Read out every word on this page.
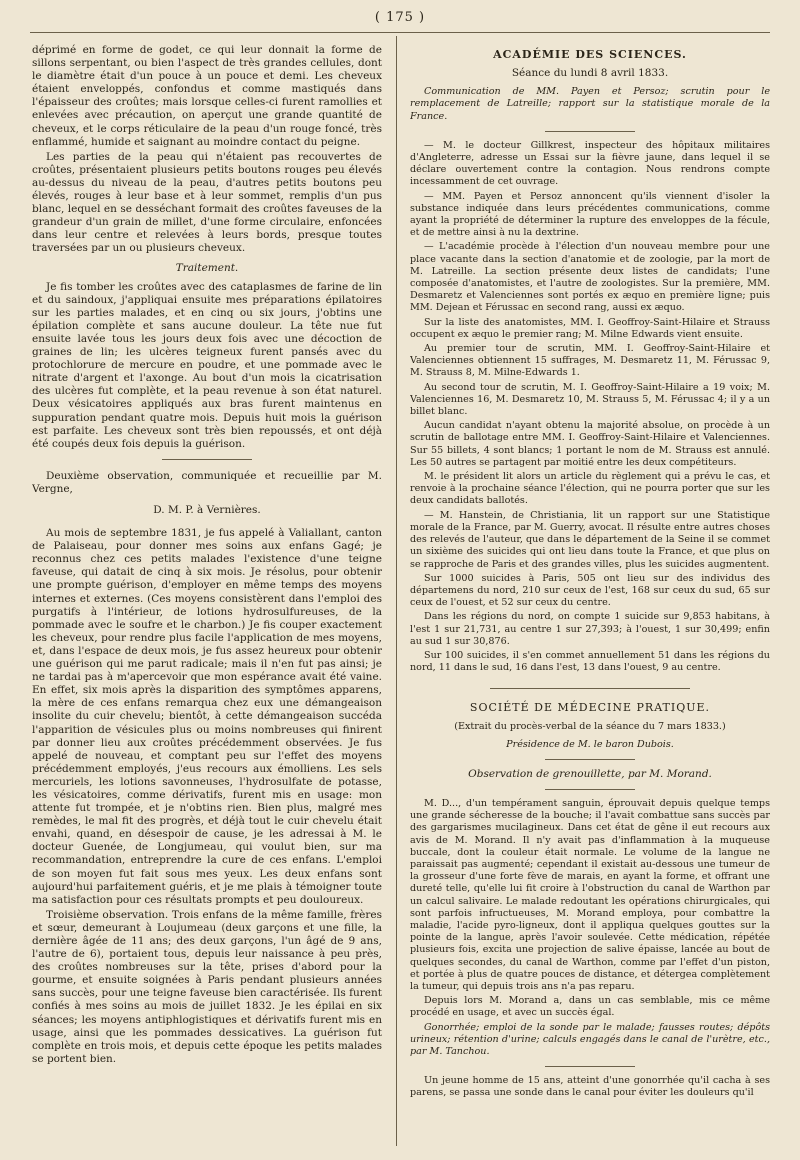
( 175 )

déprimé en forme de godet, ce qui leur donnait la forme de sillons serpentant, ou bien l'aspect de très grandes cellules, dont le diamètre était d'un pouce à un pouce et demi. Les cheveux étaient enveloppés, confondus et comme mastiqués dans l'épaisseur des croûtes; mais lorsque celles-ci furent ramollies et enlevées avec précaution, on aperçut une grande quantité de cheveux, et le corps réticulaire de la peau d'un rouge foncé, très enflammé, humide et saignant au moindre contact du peigne.

Les parties de la peau qui n'étaient pas recouvertes de croûtes, présentaient plusieurs petits boutons rouges peu élevés au-dessus du niveau de la peau, d'autres petits boutons peu élevés, rouges à leur base et à leur sommet, remplis d'un pus blanc, lequel en se desséchant formait des croûtes faveuses de la grandeur d'un grain de millet, d'une forme circulaire, enfoncées dans leur centre et relevées à leurs bords, presque toutes traversées par un ou plusieurs cheveux.

Traitement.

Je fis tomber les croûtes avec des cataplasmes de farine de lin et du saindoux, j'appliquai ensuite mes préparations épilatoires sur les parties malades, et en cinq ou six jours, j'obtins une épilation complète et sans aucune douleur. La tête nue fut ensuite lavée tous les jours deux fois avec une décoction de graines de lin; les ulcères teigneux furent pansés avec du protochlorure de mercure en poudre, et une pommade avec le nitrate d'argent et l'axonge. Au bout d'un mois la cicatrisation des ulcères fut complète, et la peau revenue à son état naturel. Deux vésicatoires appliqués aux bras furent maintenus en suppuration pendant quatre mois. Depuis huit mois la guérison est parfaite. Les cheveux sont très bien repoussés, et ont déjà été coupés deux fois depuis la guérison.

Deuxième observation, communiquée et recueillie par M. Vergne,
D. M. P. à Vernières.

Au mois de septembre 1831, je fus appelé à Valiallant, canton de Palaiseau, pour donner mes soins aux enfans Gagé; je reconnus chez ces petits malades l'existence d'une teigne faveuse, qui datait de cinq à six mois. Je résolus, pour obtenir une prompte guérison, d'employer en même temps des moyens internes et externes. (Ces moyens consistèrent dans l'emploi des purgatifs à l'intérieur, de lotions hydrosulfureuses, de la pommade avec le soufre et le charbon.) Je fis couper exactement les cheveux, pour rendre plus facile l'application de mes moyens, et, dans l'espace de deux mois, je fus assez heureux pour obtenir une guérison qui me parut radicale; mais il n'en fut pas ainsi; je ne tardai pas à m'apercevoir que mon espérance avait été vaine. En effet, six mois après la disparition des symptômes apparens, la mère de ces enfans remarqua chez eux une démangeaison insolite du cuir chevelu; bientôt, à cette démangeaison succéda l'apparition de vésicules plus ou moins nombreuses qui finirent par donner lieu aux croûtes précédemment observées. Je fus appelé de nouveau, et comptant peu sur l'effet des moyens précédemment employés, j'eus recours aux émolliens. Les sels mercuriels, les lotions savonneuses, l'hydrosulfate de potasse, les vésicatoires, comme dérivatifs, furent mis en usage: mon attente fut trompée, et je n'obtins rien. Bien plus, malgré mes remèdes, le mal fit des progrès, et déjà tout le cuir chevelu était envahi, quand, en désespoir de cause, je les adressai à M. le docteur Guenée, de Longjumeau, qui voulut bien, sur ma recommandation, entreprendre la cure de ces enfans. L'emploi de son moyen fut fait sous mes yeux. Les deux enfans sont aujourd'hui parfaitement guéris, et je me plais à témoigner toute ma satisfaction pour ces résultats prompts et peu douloureux.

Troisième observation. Trois enfans de la même famille, frères et sœur, demeurant à Loujumeau (deux garçons et une fille, la dernière âgée de 11 ans; des deux garçons, l'un âgé de 9 ans, l'autre de 6), portaient tous, depuis leur naissance à peu près, des croûtes nombreuses sur la tête, prises d'abord pour la gourme, et ensuite soignées à Paris pendant plusieurs années sans succès, pour une teigne faveuse bien caractérisée. Ils furent confiés à mes soins au mois de juillet 1832. Je les épilai en six séances; les moyens antiphlogistiques et dérivatifs furent mis en usage, ainsi que les pommades dessicatives. La guérison fut complète en trois mois, et depuis cette époque les petits malades se portent bien.

ACADÉMIE DES SCIENCES.
Séance du lundi 8 avril 1833.

Communication de MM. Payen et Persoz; scrutin pour le remplacement de Latreille; rapport sur la statistique morale de la France.

— M. le docteur Gillkrest, inspecteur des hôpitaux militaires d'Angleterre, adresse un Essai sur la fièvre jaune, dans lequel il se déclare ouvertement contre la contagion. Nous rendrons compte incessamment de cet ouvrage.

— MM. Payen et Persoz annoncent qu'ils viennent d'isoler la substance indiquée dans leurs précédentes communications, comme ayant la propriété de déterminer la rupture des enveloppes de la fécule, et de mettre ainsi à nu la dextrine.

— L'académie procède à l'élection d'un nouveau membre pour une place vacante dans la section d'anatomie et de zoologie, par la mort de M. Latreille. La section présente deux listes de candidats; l'une composée d'anatomistes, et l'autre de zoologistes. Sur la première, MM. Desmaretz et Valenciennes sont portés ex æquo en première ligne; puis MM. Dejean et Férussac en second rang, aussi ex æquo.

Sur la liste des anatomistes, MM. I. Geoffroy-Saint-Hilaire et Strauss occupent ex æquo le premier rang; M. Milne Edwards vient ensuite.

Au premier tour de scrutin, MM. I. Geoffroy-Saint-Hilaire et Valenciennes obtiennent 15 suffrages, M. Desmaretz 11, M. Férussac 9, M. Strauss 8, M. Milne-Edwards 1.

Au second tour de scrutin, M. I. Geoffroy-Saint-Hilaire a 19 voix; M. Valenciennes 16, M. Desmaretz 10, M. Strauss 5, M. Férussac 4; il y a un billet blanc.

Aucun candidat n'ayant obtenu la majorité absolue, on procède à un scrutin de ballotage entre MM. I. Geoffroy-Saint-Hilaire et Valenciennes. Sur 55 billets, 4 sont blancs; 1 portant le nom de M. Strauss est annulé. Les 50 autres se partagent par moitié entre les deux compétiteurs.

M. le président lit alors un article du règlement qui a prévu le cas, et renvoie à la prochaine séance l'élection, qui ne pourra porter que sur les deux candidats ballotés.

— M. Hanstein, de Christiania, lit un rapport sur une Statistique morale de la France, par M. Guerry, avocat. Il résulte entre autres choses des relevés de l'auteur, que dans le département de la Seine il se commet un sixième des suicides qui ont lieu dans toute la France, et que plus on se rapproche de Paris et des grandes villes, plus les suicides augmentent.

Sur 1000 suicides à Paris, 505 ont lieu sur des individus des départemens du nord, 210 sur ceux de l'est, 168 sur ceux du sud, 65 sur ceux de l'ouest, et 52 sur ceux du centre.

Dans les régions du nord, on compte 1 suicide sur 9,853 habitans, à l'est 1 sur 21,731, au centre 1 sur 27,393; à l'ouest, 1 sur 30,499; enfin au sud 1 sur 30,876.

Sur 100 suicides, il s'en commet annuellement 51 dans les régions du nord, 11 dans le sud, 16 dans l'est, 13 dans l'ouest, 9 au centre.

SOCIÉTÉ DE MÉDECINE PRATIQUE.
(Extrait du procès-verbal de la séance du 7 mars 1833.)
Présidence de M. le baron Dubois.
Observation de grenouillette, par M. Morand.

M. D..., d'un tempérament sanguin, éprouvait depuis quelque temps une grande sécheresse de la bouche; il l'avait combattue sans succès par des gargarismes mucilagineux. Dans cet état de gêne il eut recours aux avis de M. Morand. Il n'y avait pas d'inflammation à la muqueuse buccale, dont la couleur était normale. Le volume de la langue ne paraissait pas augmenté; cependant il existait au-dessous une tumeur de la grosseur d'une forte fève de marais, en ayant la forme, et offrant une dureté telle, qu'elle lui fit croire à l'obstruction du canal de Warthon par un calcul salivaire. Le malade redoutant les opérations chirurgicales, qui sont parfois infructueuses, M. Morand employa, pour combattre la maladie, l'acide pyro-ligneux, dont il appliqua quelques gouttes sur la pointe de la langue, après l'avoir soulevée. Cette médication, répétée plusieurs fois, excita une projection de salive épaisse, lancée au bout de quelques secondes, du canal de Warthon, comme par l'effet d'un piston, et portée à plus de quatre pouces de distance, et détergea complètement la tumeur, qui depuis trois ans n'a pas reparu.

Depuis lors M. Morand a, dans un cas semblable, mis ce même procédé en usage, et avec un succès égal.

Gonorrhée; emploi de la sonde par le malade; fausses routes; dépôts urineux; rétention d'urine; calculs engagés dans le canal de l'urètre, etc., par M. Tanchou.

Un jeune homme de 15 ans, atteint d'une gonorrhée qu'il cacha à ses parens, se passa une sonde dans le canal pour éviter les douleurs qu'il
